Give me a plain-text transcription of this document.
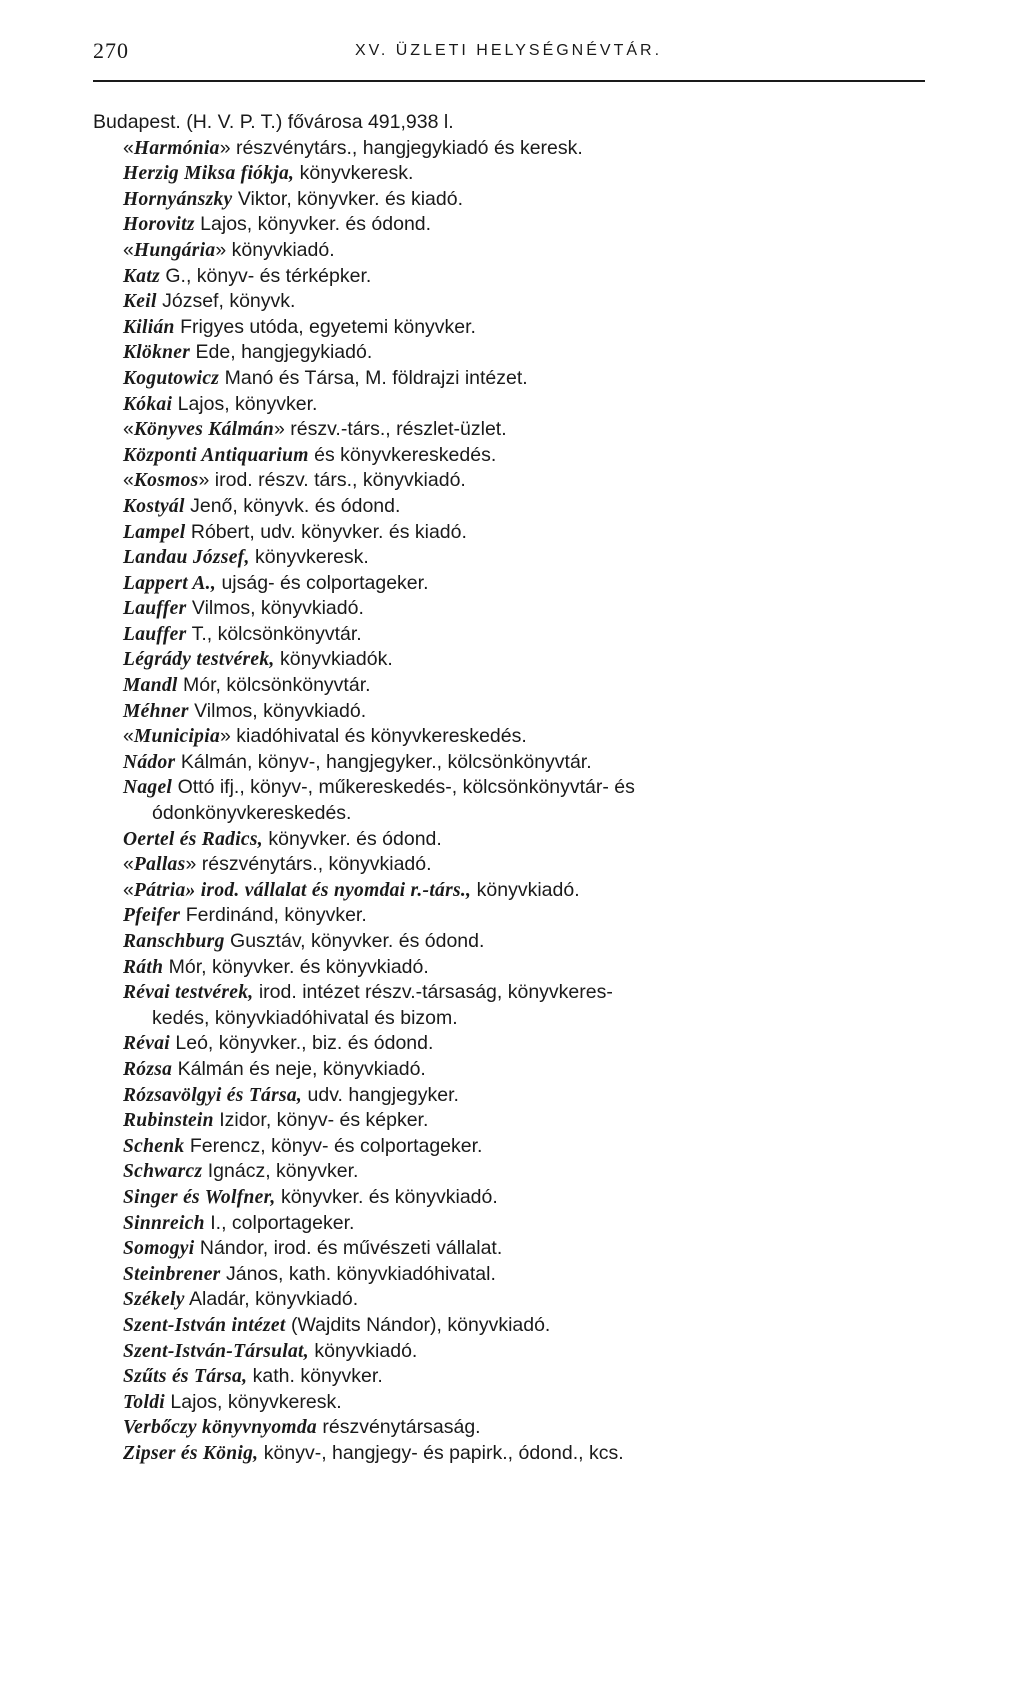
270	XV. ÜZLETI HELYSÉGNÉVTÁR.
Budapest. (H. V. P. T.) fővárosa 491,938 l.
«Harmónia» részvénytárs., hangjegykiadó és keresk.
Herzig Miksa fiókja, könyvkeresk.
Hornyánszky Viktor, könyvker. és kiadó.
Horovitz Lajos, könyvker. és ódond.
«Hungária» könyvkiadó.
Katz G., könyv- és térképker.
Keil József, könyvk.
Kilián Frigyes utóda, egyetemi könyvker.
Klökner Ede, hangjegykiadó.
Kogutowicz Manó és Társa, M. földrajzi intézet.
Kókai Lajos, könyvker.
«Könyves Kálmán» részv.-társ., részlet-üzlet.
Központi Antiquarium és könyvkereskedés.
«Kosmos» irod. részv. társ., könyvkiadó.
Kostyál Jenő, könyvk. és ódond.
Lampel Róbert, udv. könyvker. és kiadó.
Landau József, könyvkeresk.
Lappert A., ujság- és colportageker.
Lauffer Vilmos, könyvkiadó.
Lauffer T., kölcsönkönyvtár.
Légrády testvérek, könyvkiadók.
Mandl Mór, kölcsönkönyvtár.
Méhner Vilmos, könyvkiadó.
«Municipia» kiadóhivatal és könyvkereskedés.
Nádor Kálmán, könyv-, hangjegyker., kölcsönkönyvtár.
Nagel Ottó ifj., könyv-, műkereskedés-, kölcsönkönyvtár- és
ódonkönyvkereskedés.
Oertel és Radics, könyvker. és ódond.
«Pallas» részvénytárs., könyvkiadó.
«Pátria» irod. vállalat és nyomdai r.-társ., könyvkiadó.
Pfeifer Ferdinánd, könyvker.
Ranschburg Gusztáv, könyvker. és ódond.
Ráth Mór, könyvker. és könyvkiadó.
Révai testvérek, irod. intézet részv.-társaság, könyvkeres-
kedés, könyvkiadóhivatal és bizom.
Révai Leó, könyvker., biz. és ódond.
Rózsa Kálmán és neje, könyvkiadó.
Rózsavölgyi és Társa, udv. hangjegyker.
Rubinstein Izidor, könyv- és képker.
Schenk Ferencz, könyv- és colportageker.
Schwarcz Ignácz, könyvker.
Singer és Wolfner, könyvker. és könyvkiadó.
Sinnreich I., colportageker.
Somogyi Nándor, irod. és művészeti vállalat.
Steinbrener János, kath. könyvkiadóhivatal.
Székely Aladár, könyvkiadó.
Szent-István intézet (Wajdits Nándor), könyvkiadó.
Szent-István-Társulat, könyvkiadó.
Szűts és Társa, kath. könyvker.
Toldi Lajos, könyvkeresk.
Verbőczy könyvnyomda részvénytársaság.
Zipser és König, könyv-, hangjegy- és papirk., ódond., kcs.
